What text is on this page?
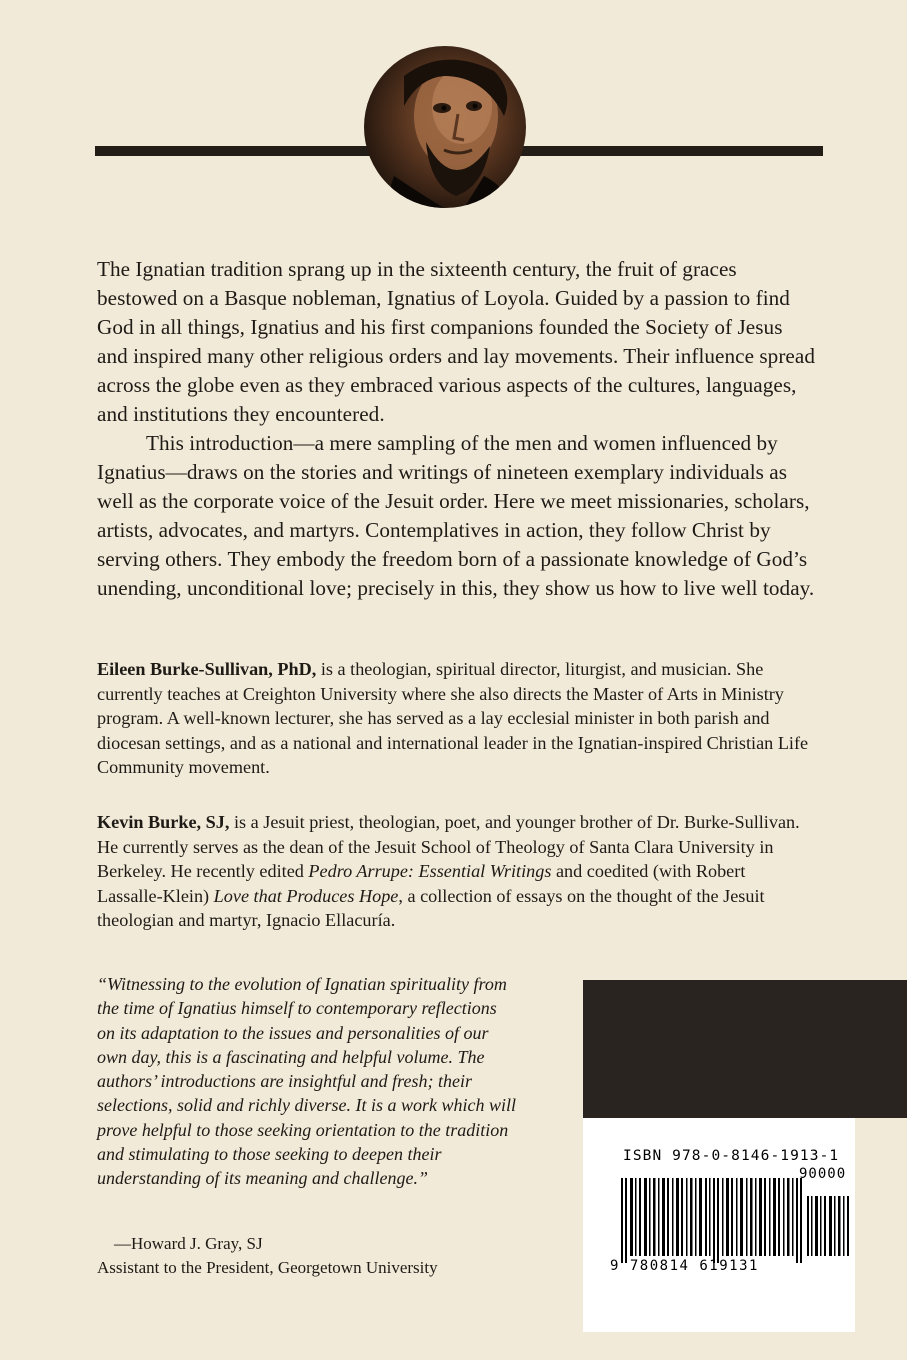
The Ignatian tradition sprang up in the sixteenth century, the fruit of graces bestowed on a Basque nobleman, Ignatius of Loyola. Guided by a passion to find God in all things, Ignatius and his first companions founded the Society of Jesus and inspired many other religious orders and lay movements. Their influence spread across the globe even as they embraced various aspects of the cultures, languages, and institutions they encountered.

This introduction—a mere sampling of the men and women influenced by Ignatius—draws on the stories and writings of nineteen exemplary individuals as well as the corporate voice of the Jesuit order. Here we meet missionaries, scholars, artists, advocates, and martyrs. Contemplatives in action, they follow Christ by serving others. They embody the freedom born of a passionate knowledge of God’s unending, unconditional love; precisely in this, they show us how to live well today.

Eileen Burke-Sullivan, PhD, is a theologian, spiritual director, liturgist, and musician. She currently teaches at Creighton University where she also directs the Master of Arts in Ministry program. A well-known lecturer, she has served as a lay ecclesial minister in both parish and diocesan settings, and as a national and international leader in the Ignatian-inspired Christian Life Community movement.
Kevin Burke, SJ, is a Jesuit priest, theologian, poet, and younger brother of Dr. Burke-Sullivan. He currently serves as the dean of the Jesuit School of Theology of Santa Clara University in Berkeley. He recently edited Pedro Arrupe: Essential Writings and coedited (with Robert Lassalle-Klein) Love that Produces Hope, a collection of essays on the thought of the Jesuit theologian and martyr, Ignacio Ellacuría.
“Witnessing to the evolution of Ignatian spirituality from the time of Ignatius himself to contemporary reflections on its adaptation to the issues and personalities of our own day, this is a fascinating and helpful volume. The authors’ introductions are insightful and fresh; their selections, solid and richly diverse. It is a work which will prove helpful to those seeking orientation to the tradition and stimulating to those seeking to deepen their understanding of its meaning and challenge.”
—Howard J. Gray, SJ
Assistant to the President, Georgetown University
ISBN 978-0-8146-1913-1
90000
9 780814 619131
